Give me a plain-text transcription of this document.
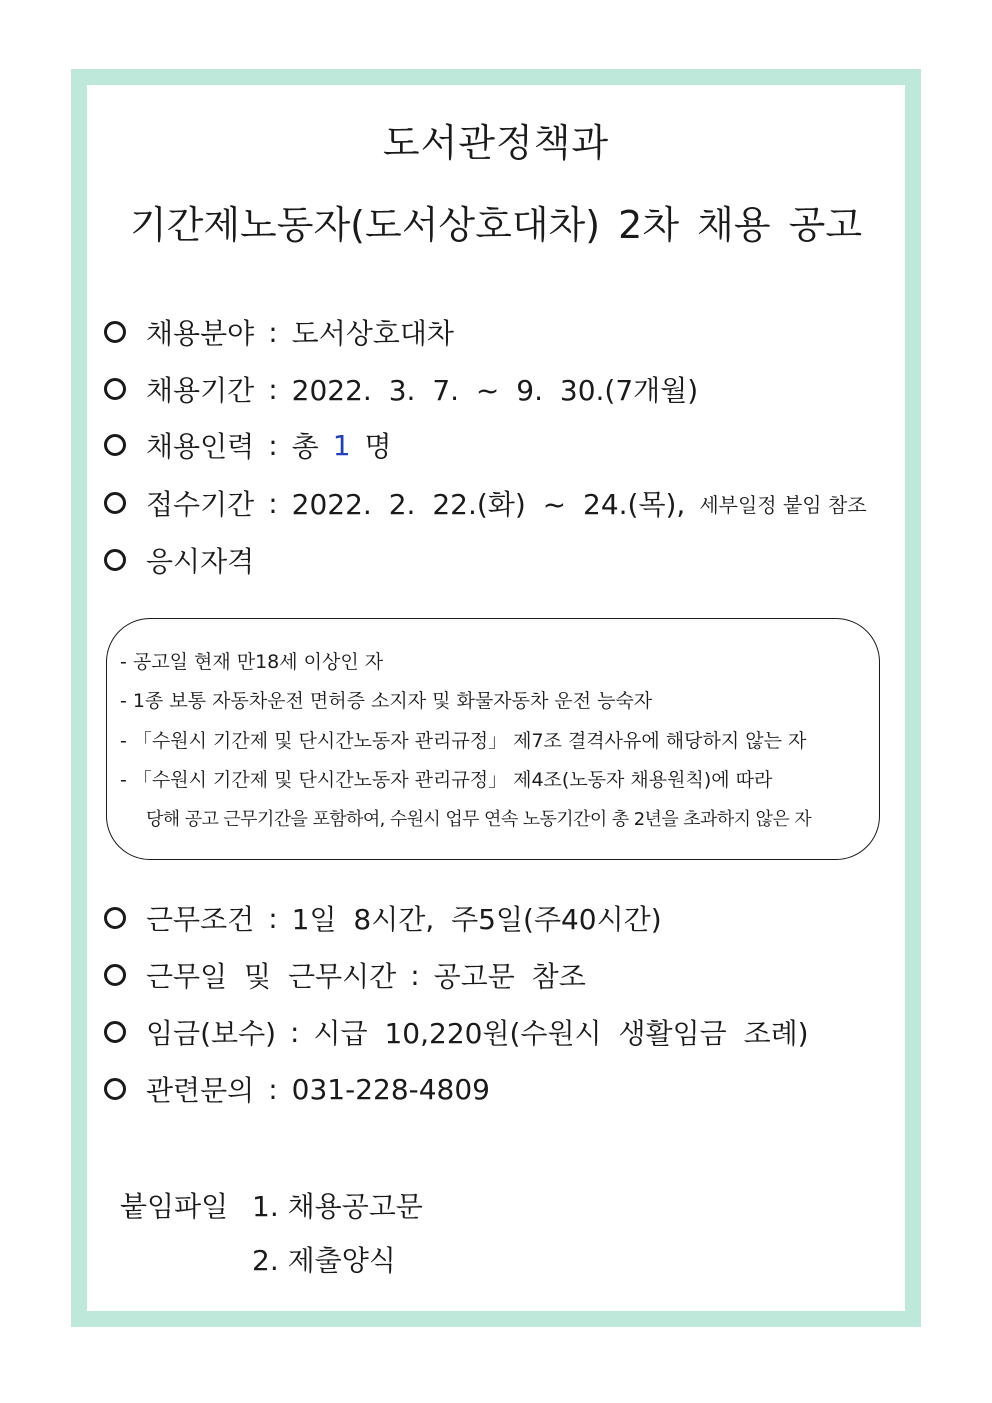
도서관정책과
기간제노동자(도서상호대차) 2차 채용 공고
채용분야 : 도서상호대차
채용기간 : 2022. 3. 7. ~ 9. 30.(7개월)
채용인력 : 총 1 명
접수기간 : 2022. 2. 22.(화) ~ 24.(목), 세부일정 붙임 참조
응시자격
- 공고일 현재 만18세 이상인 자
- 1종 보통 자동차운전 면허증 소지자 및 화물자동차 운전 능숙자
- 「수원시 기간제 및 단시간노동자 관리규정」 제7조 결격사유에 해당하지 않는 자
- 「수원시 기간제 및 단시간노동자 관리규정」 제4조(노동자 채용원칙)에 따라
당해 공고 근무기간을 포함하여, 수원시 업무 연속 노동기간이 총 2년을 초과하지 않은 자
근무조건 : 1일 8시간, 주5일(주40시간)
근무일 및 근무시간 : 공고문 참조
임금(보수) : 시급 10,220원(수원시 생활임금 조례)
관련문의 : 031-228-4809
붙임파일 1. 채용공고문
2. 제출양식
